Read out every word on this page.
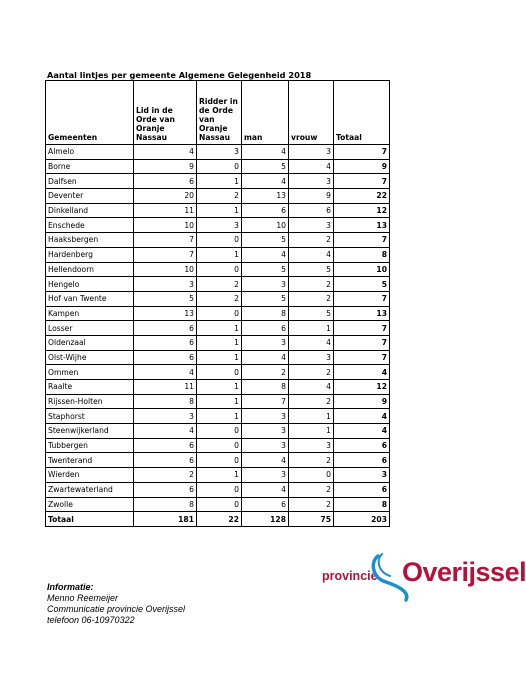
Aantal lintjes per gemeente Algemene Gelegenheid 2018
Gemeenten	Lid in de Orde van Oranje Nassau	Ridder in de Orde van Oranje Nassau	man	vrouw	Totaal
Almelo	4	3	4	3	7
Borne	9	0	5	4	9
Dalfsen	6	1	4	3	7
Deventer	20	2	13	9	22
Dinkelland	11	1	6	6	12
Enschede	10	3	10	3	13
Haaksbergen	7	0	5	2	7
Hardenberg	7	1	4	4	8
Hellendoorn	10	0	5	5	10
Hengelo	3	2	3	2	5
Hof van Twente	5	2	5	2	7
Kampen	13	0	8	5	13
Losser	6	1	6	1	7
Oldenzaal	6	1	3	4	7
Olst-Wijhe	6	1	4	3	7
Ommen	4	0	2	2	4
Raalte	11	1	8	4	12
Rijssen-Holten	8	1	7	2	9
Staphorst	3	1	3	1	4
Steenwijkerland	4	0	3	1	4
Tubbergen	6	0	3	3	6
Twenterand	6	0	4	2	6
Wierden	2	1	3	0	3
Zwartewaterland	6	0	4	2	6
Zwolle	8	0	6	2	8
Totaal	181	22	128	75	203
Informatie:
Menno Reemeijer
Communicatie provincie Overijssel
telefoon 06-10970322
provincie Overijssel
